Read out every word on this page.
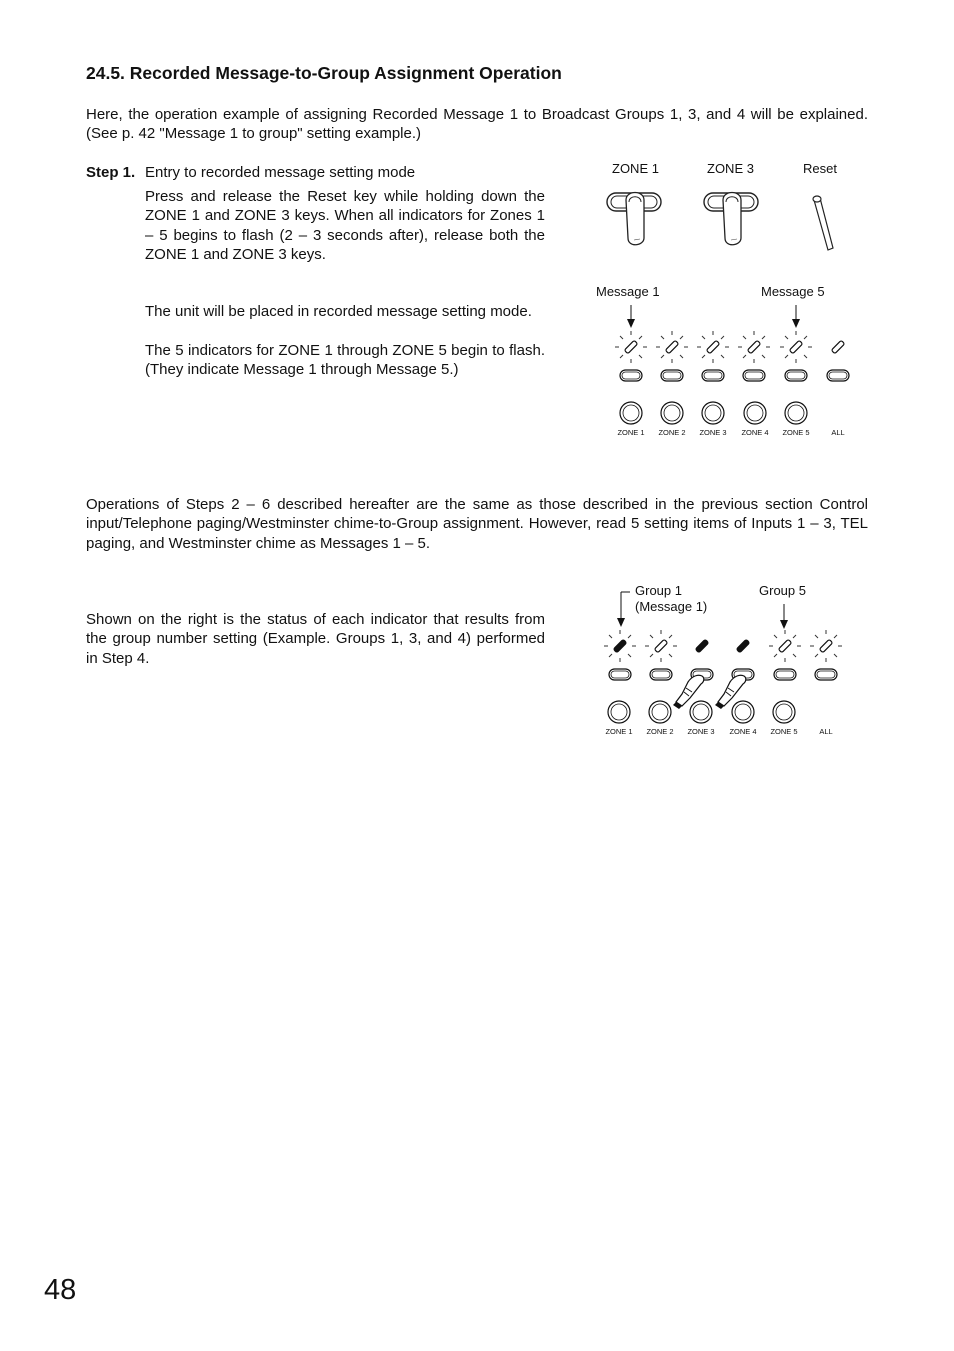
24.5. Recorded Message-to-Group Assignment Operation

Here, the operation example of assigning Recorded Message 1 to Broadcast Groups 1, 3, and 4 will be explained. (See p. 42 "Message 1 to group" setting example.)

Step 1. Entry to recorded message setting mode

Press and release the Reset key while holding down the ZONE 1 and ZONE 3 keys. When all indicators for Zones 1 – 5 begins to flash (2 – 3 seconds after), release both the ZONE 1 and ZONE 3 keys.

The unit will be placed in recorded message setting mode.

The 5 indicators for ZONE 1 through ZONE 5 begin to flash. (They indicate Message 1 through Message 5.)

Operations of Steps 2 – 6 described hereafter are the same as those described in the previous section Control input/Telephone paging/Westminster chime-to-Group assignment. However, read 5 setting items of Inputs 1 – 3, TEL paging, and Westminster chime as Messages 1 – 5.

Shown on the right is the status of each indicator that results from the group number setting (Example. Groups 1, 3, and 4) performed in Step 4.

ZONE 1	ZONE 3	Reset
Message 1	Message 5
ZONE 1	ZONE 2	ZONE 3	ZONE 4	ZONE 5	ALL
Group 1
(Message 1)
Group 5
ZONE 1	ZONE 2	ZONE 3	ZONE 4	ZONE 5	ALL
48
